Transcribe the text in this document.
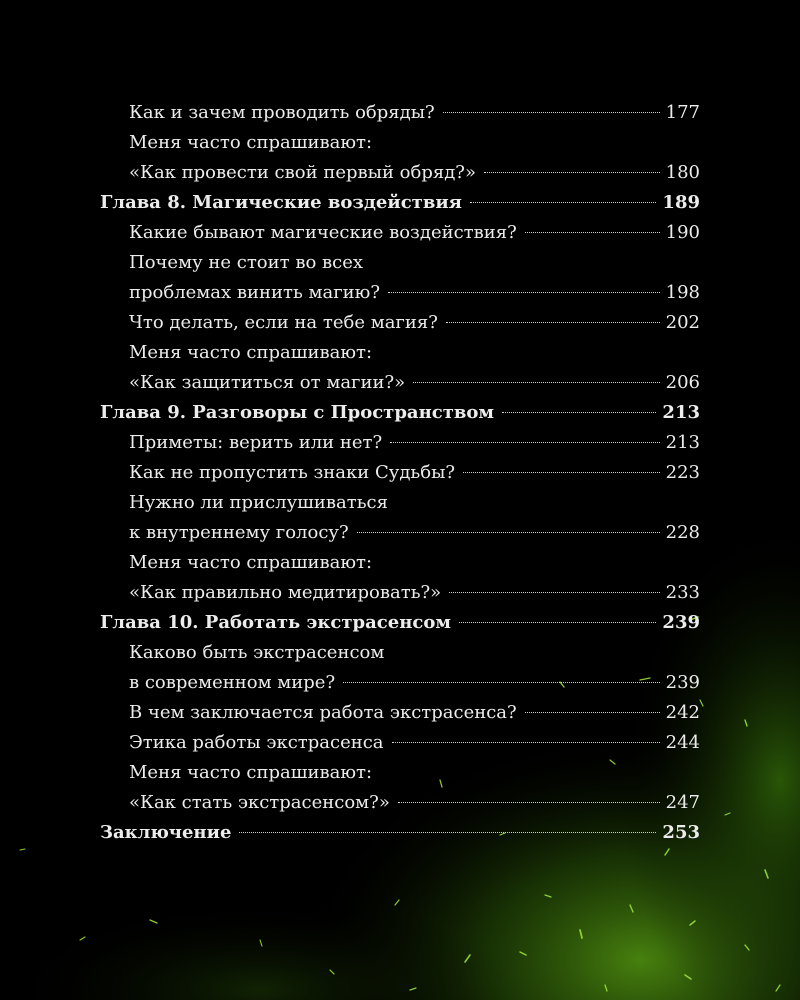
Как и зачем проводить обряды?	177
Меня часто спрашивают:
«Как провести свой первый обряд?»	180
Глава 8. Магические воздействия	189
Какие бывают магические воздействия?	190
Почему не стоит во всех
проблемах винить магию?	198
Что делать, если на тебе магия?	202
Меня часто спрашивают:
«Как защититься от магии?»	206
Глава 9. Разговоры с Пространством	213
Приметы: верить или нет?	213
Как не пропустить знаки Судьбы?	223
Нужно ли прислушиваться
к внутреннему голосу?	228
Меня часто спрашивают:
«Как правильно медитировать?»	233
Глава 10. Работать экстрасенсом	239
Каково быть экстрасенсом
в современном мире?	239
В чем заключается работа экстрасенса?	242
Этика работы экстрасенса	244
Меня часто спрашивают:
«Как стать экстрасенсом?»	247
Заключение	253
